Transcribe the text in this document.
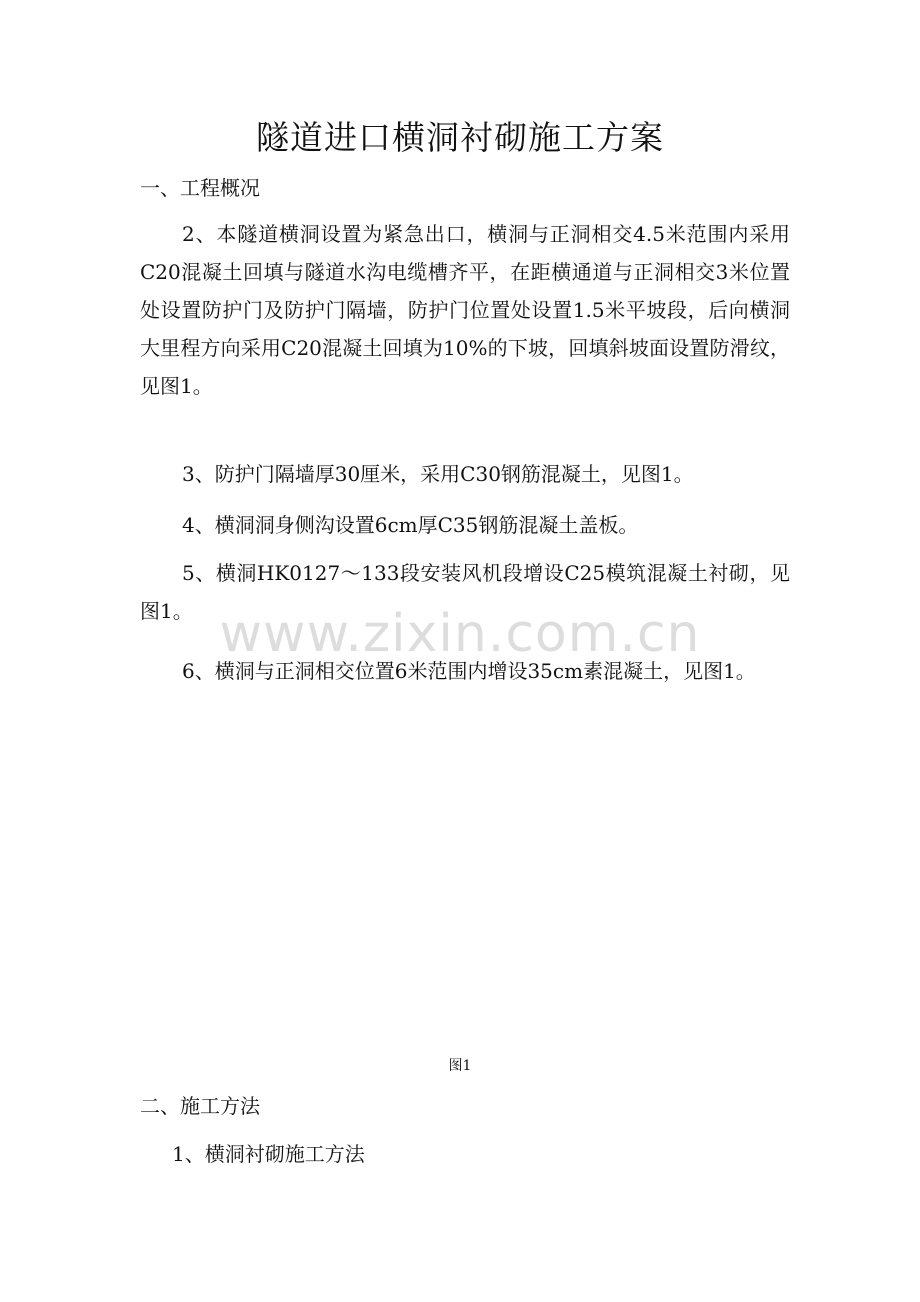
隧道进口横洞衬砌施工方案
一、工程概况

2、本隧道横洞设置为紧急出口，横洞与正洞相交4.5米范围内采用C20混凝土回填与隧道水沟电缆槽齐平，在距横通道与正洞相交3米位置处设置防护门及防护门隔墙，防护门位置处设置1.5米平坡段，后向横洞大里程方向采用C20混凝土回填为10%的下坡，回填斜坡面设置防滑纹，见图1。

3、防护门隔墙厚30厘米，采用C30钢筋混凝土，见图1。

4、横洞洞身侧沟设置6cm厚C35钢筋混凝土盖板。

5、横洞HK0127～133段安装风机段增设C25模筑混凝土衬砌，见图1。

6、横洞与正洞相交位置6米范围内增设35cm素混凝土，见图1。

图1

二、施工方法
1、横洞衬砌施工方法
www.zixin.com.cn
